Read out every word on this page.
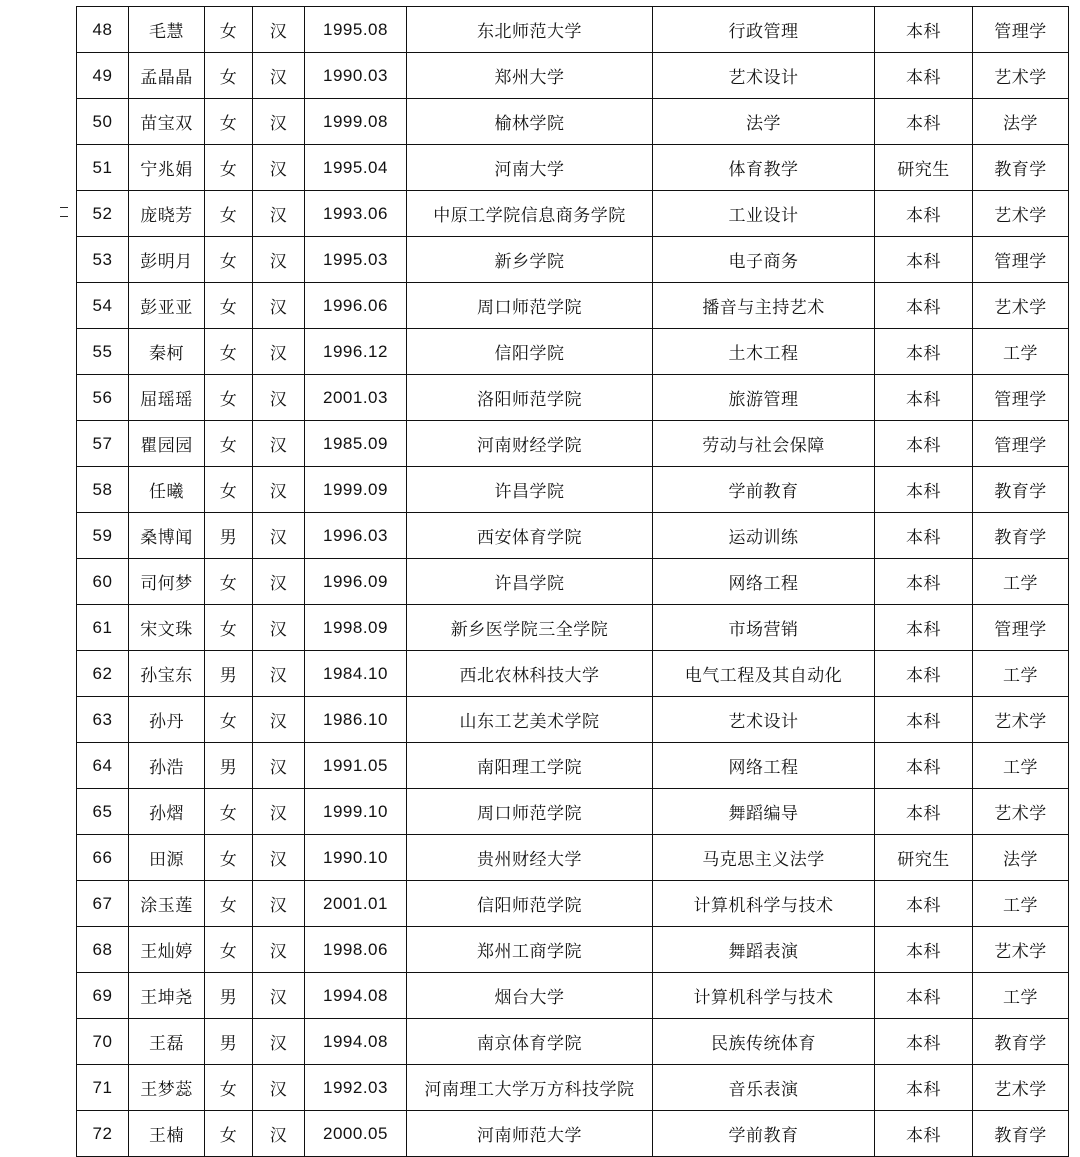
48	毛慧	女	汉	1995.08	东北师范大学	行政管理	本科	管理学
49	孟晶晶	女	汉	1990.03	郑州大学	艺术设计	本科	艺术学
50	苗宝双	女	汉	1999.08	榆林学院	法学	本科	法学
51	宁兆娟	女	汉	1995.04	河南大学	体育教学	研究生	教育学
52	庞晓芳	女	汉	1993.06	中原工学院信息商务学院	工业设计	本科	艺术学
53	彭明月	女	汉	1995.03	新乡学院	电子商务	本科	管理学
54	彭亚亚	女	汉	1996.06	周口师范学院	播音与主持艺术	本科	艺术学
55	秦柯	女	汉	1996.12	信阳学院	土木工程	本科	工学
56	屈瑶瑶	女	汉	2001.03	洛阳师范学院	旅游管理	本科	管理学
57	瞿园园	女	汉	1985.09	河南财经学院	劳动与社会保障	本科	管理学
58	任曦	女	汉	1999.09	许昌学院	学前教育	本科	教育学
59	桑博闻	男	汉	1996.03	西安体育学院	运动训练	本科	教育学
60	司何梦	女	汉	1996.09	许昌学院	网络工程	本科	工学
61	宋文珠	女	汉	1998.09	新乡医学院三全学院	市场营销	本科	管理学
62	孙宝东	男	汉	1984.10	西北农林科技大学	电气工程及其自动化	本科	工学
63	孙丹	女	汉	1986.10	山东工艺美术学院	艺术设计	本科	艺术学
64	孙浩	男	汉	1991.05	南阳理工学院	网络工程	本科	工学
65	孙熠	女	汉	1999.10	周口师范学院	舞蹈编导	本科	艺术学
66	田源	女	汉	1990.10	贵州财经大学	马克思主义法学	研究生	法学
67	涂玉莲	女	汉	2001.01	信阳师范学院	计算机科学与技术	本科	工学
68	王灿婷	女	汉	1998.06	郑州工商学院	舞蹈表演	本科	艺术学
69	王坤尧	男	汉	1994.08	烟台大学	计算机科学与技术	本科	工学
70	王磊	男	汉	1994.08	南京体育学院	民族传统体育	本科	教育学
71	王梦蕊	女	汉	1992.03	河南理工大学万方科技学院	音乐表演	本科	艺术学
72	王楠	女	汉	2000.05	河南师范大学	学前教育	本科	教育学
